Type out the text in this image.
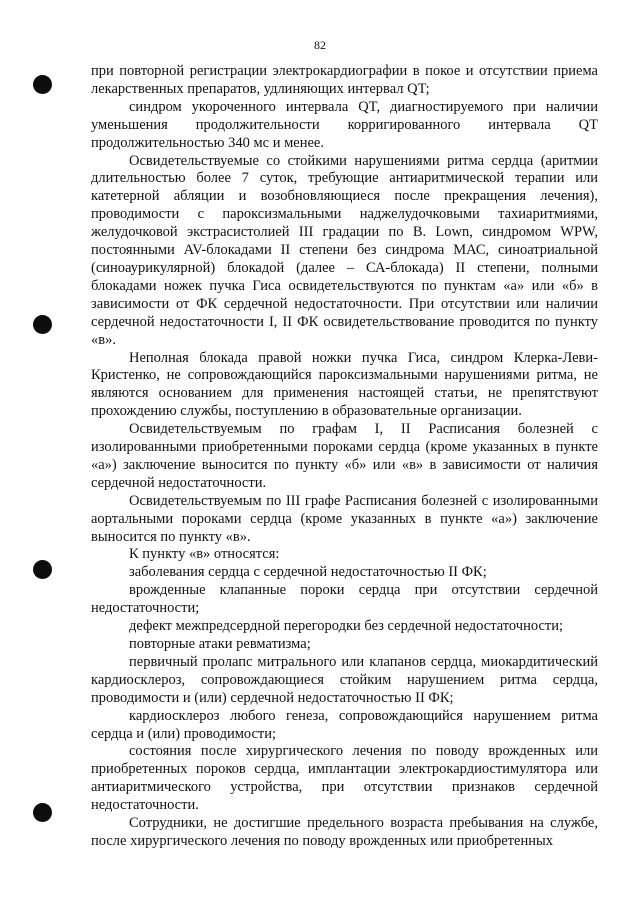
82

при повторной регистрации электрокардиографии в покое и отсутствии приема лекарственных препаратов, удлиняющих интервал QT;

синдром укороченного интервала QT, диагностируемого при наличии уменьшения продолжительности корригированного интервала QT продолжительностью 340 мс и менее.

Освидетельствуемые со стойкими нарушениями ритма сердца (аритмии длительностью более 7 суток, требующие антиаритмической терапии или катетерной абляции и возобновляющиеся после прекращения лечения), проводимости с пароксизмальными наджелудочковыми тахиаритмиями, желудочковой экстрасистолией III градации по B. Lown, синдромом WPW, постоянными AV-блокадами II степени без синдрома МАС, синоатриальной (синоаурикулярной) блокадой (далее – СА-блокада) II степени, полными блокадами ножек пучка Гиса освидетельствуются по пунктам «а» или «б» в зависимости от ФК сердечной недостаточности. При отсутствии или наличии сердечной недостаточности I, II ФК освидетельствование проводится по пункту «в».

Неполная блокада правой ножки пучка Гиса, синдром Клерка-Леви-Кристенко, не сопровождающийся пароксизмальными нарушениями ритма, не являются основанием для применения настоящей статьи, не препятствуют прохождению службы, поступлению в образовательные организации.

Освидетельствуемым по графам I, II Расписания болезней с изолированными приобретенными пороками сердца (кроме указанных в пункте «а») заключение выносится по пункту «б» или «в» в зависимости от наличия сердечной недостаточности.

Освидетельствуемым по III графе Расписания болезней с изолированными аортальными пороками сердца (кроме указанных в пункте «а») заключение выносится по пункту «в».

К пункту «в» относятся:

заболевания сердца с сердечной недостаточностью II ФК;

врожденные клапанные пороки сердца при отсутствии сердечной недостаточности;

дефект межпредсердной перегородки без сердечной недостаточности;

повторные атаки ревматизма;

первичный пролапс митрального или клапанов сердца, миокардитический кардиосклероз, сопровождающиеся стойким нарушением ритма сердца, проводимости и (или) сердечной недостаточностью II ФК;

кардиосклероз любого генеза, сопровождающийся нарушением ритма сердца и (или) проводимости;

состояния после хирургического лечения по поводу врожденных или приобретенных пороков сердца, имплантации электрокардиостимулятора или антиаритмического устройства, при отсутствии признаков сердечной недостаточности.

Сотрудники, не достигшие предельного возраста пребывания на службе, после хирургического лечения по поводу врожденных или приобретенных
